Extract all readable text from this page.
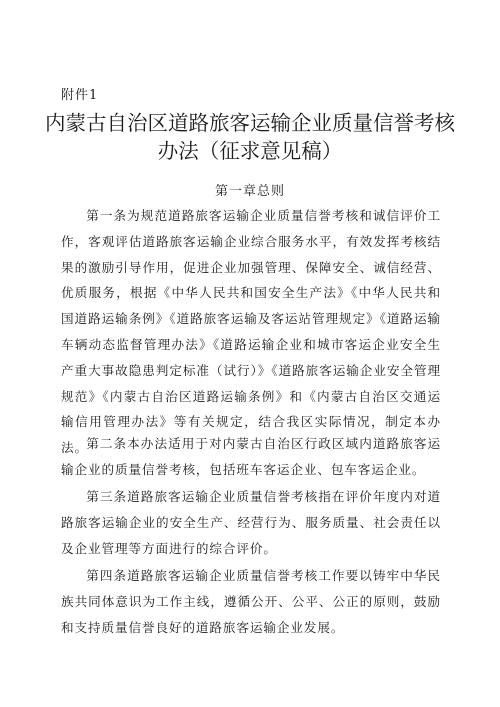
附件1
内蒙古自治区道路旅客运输企业质量信誉考核
办法（征求意见稿）
第一章总则

第一条为规范道路旅客运输企业质量信誉考核和诚信评价工作，客观评估道路旅客运输企业综合服务水平，有效发挥考核结果的激励引导作用，促进企业加强管理、保障安全、诚信经营、优质服务，根据《中华人民共和国安全生产法》《中华人民共和国道路运输条例》《道路旅客运输及客运站管理规定》《道路运输车辆动态监督管理办法》《道路运输企业和城市客运企业安全生产重大事故隐患判定标准（试行）》《道路旅客运输企业安全管理规范》《内蒙古自治区道路运输条例》和《内蒙古自治区交通运输信用管理办法》等有关规定，结合我区实际情况，制定本办法。

第二条本办法适用于对内蒙古自治区行政区域内道路旅客运输企业的质量信誉考核，包括班车客运企业、包车客运企业。

第三条道路旅客运输企业质量信誉考核指在评价年度内对道路旅客运输企业的安全生产、经营行为、服务质量、社会责任以及企业管理等方面进行的综合评价。

第四条道路旅客运输企业质量信誉考核工作要以铸牢中华民族共同体意识为工作主线，遵循公开、公平、公正的原则，鼓励和支持质量信誉良好的道路旅客运输企业发展。
